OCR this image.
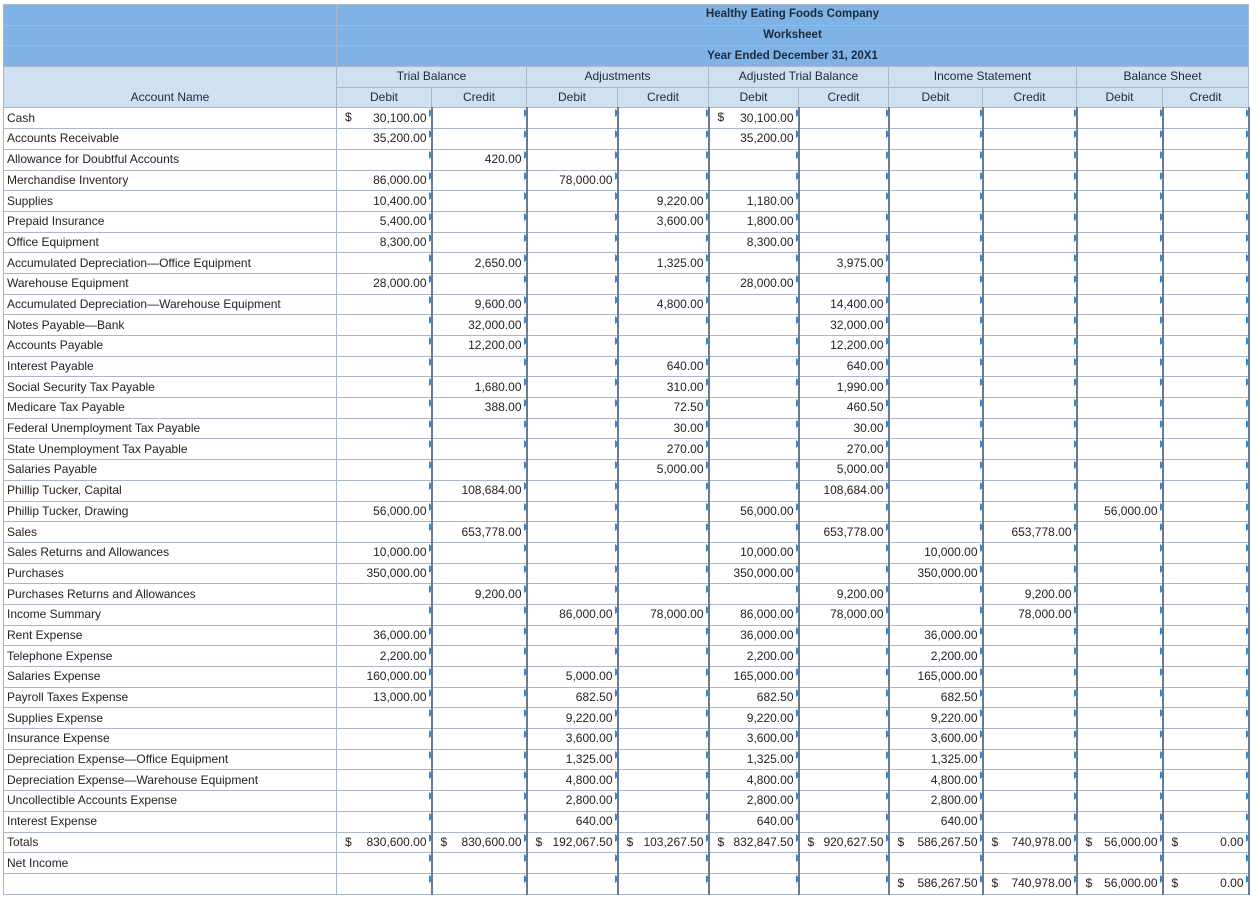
	Healthy Eating Foods Company									
	Worksheet									
	Year Ended December 31, 20X1									
Account Name	Trial Balance		Adjustments		Adjusted Trial Balance		Income Statement		Balance Sheet	
	Debit	Credit	Debit	Credit	Debit	Credit	Debit	Credit	Debit	Credit
Cash	$ 30,100.00				$ 30,100.00					
Accounts Receivable	35,200.00				35,200.00					
Allowance for Doubtful Accounts		420.00								
Merchandise Inventory	86,000.00		78,000.00							
Supplies	10,400.00			9,220.00	1,180.00					
Prepaid Insurance	5,400.00			3,600.00	1,800.00					
Office Equipment	8,300.00				8,300.00					
Accumulated Depreciation—Office Equipment		2,650.00		1,325.00		3,975.00				
Warehouse Equipment	28,000.00				28,000.00					
Accumulated Depreciation—Warehouse Equipment		9,600.00		4,800.00		14,400.00				
Notes Payable—Bank		32,000.00				32,000.00				
Accounts Payable		12,200.00				12,200.00				
Interest Payable				640.00		640.00				
Social Security Tax Payable		1,680.00		310.00		1,990.00				
Medicare Tax Payable		388.00		72.50		460.50				
Federal Unemployment Tax Payable				30.00		30.00				
State Unemployment Tax Payable				270.00		270.00				
Salaries Payable				5,000.00		5,000.00				
Phillip Tucker, Capital		108,684.00				108,684.00				
Phillip Tucker, Drawing	56,000.00				56,000.00				56,000.00	
Sales		653,778.00				653,778.00		653,778.00		
Sales Returns and Allowances	10,000.00				10,000.00		10,000.00			
Purchases	350,000.00				350,000.00		350,000.00			
Purchases Returns and Allowances		9,200.00				9,200.00		9,200.00		
Income Summary			86,000.00	78,000.00	86,000.00	78,000.00		78,000.00		
Rent Expense	36,000.00				36,000.00		36,000.00			
Telephone Expense	2,200.00				2,200.00		2,200.00			
Salaries Expense	160,000.00		5,000.00		165,000.00		165,000.00			
Payroll Taxes Expense	13,000.00		682.50		682.50		682.50			
Supplies Expense			9,220.00		9,220.00		9,220.00			
Insurance Expense			3,600.00		3,600.00		3,600.00			
Depreciation Expense—Office Equipment			1,325.00		1,325.00		1,325.00			
Depreciation Expense—Warehouse Equipment			4,800.00		4,800.00		4,800.00			
Uncollectible Accounts Expense			2,800.00		2,800.00		2,800.00			
Interest Expense			640.00		640.00		640.00			
Totals	$ 830,600.00	$ 830,600.00	$ 192,067.50	$ 103,267.50	$ 832,847.50	$ 920,627.50	$ 586,267.50	$ 740,978.00	$ 56,000.00	$ 0.00
Net Income										

							$ 586,267.50	$ 740,978.00	$ 56,000.00	$ 0.00
